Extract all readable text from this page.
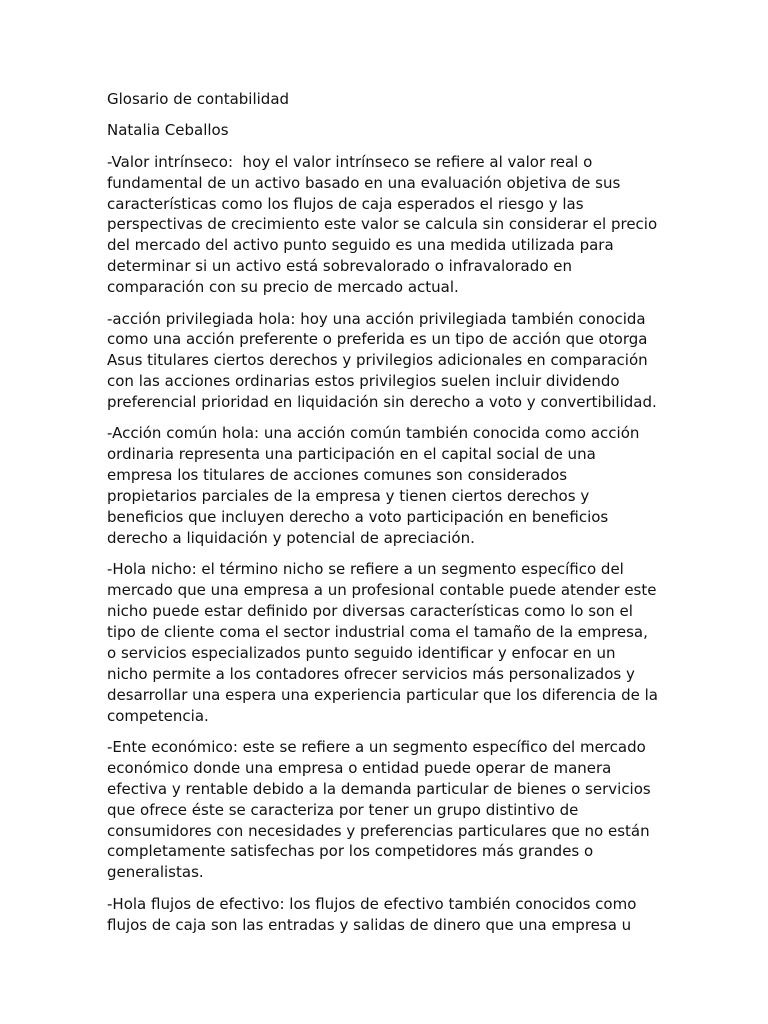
Glosario de contabilidad
Natalia Ceballos
-Valor intrínseco:  hoy el valor intrínseco se refiere al valor real o
fundamental de un activo basado en una evaluación objetiva de sus
características como los flujos de caja esperados el riesgo y las
perspectivas de crecimiento este valor se calcula sin considerar el precio
del mercado del activo punto seguido es una medida utilizada para
determinar si un activo está sobrevalorado o infravalorado en
comparación con su precio de mercado actual.
-acción privilegiada hola: hoy una acción privilegiada también conocida
como una acción preferente o preferida es un tipo de acción que otorga
Asus titulares ciertos derechos y privilegios adicionales en comparación
con las acciones ordinarias estos privilegios suelen incluir dividendo
preferencial prioridad en liquidación sin derecho a voto y convertibilidad.
-Acción común hola: una acción común también conocida como acción
ordinaria representa una participación en el capital social de una
empresa los titulares de acciones comunes son considerados
propietarios parciales de la empresa y tienen ciertos derechos y
beneficios que incluyen derecho a voto participación en beneficios
derecho a liquidación y potencial de apreciación.
-Hola nicho: el término nicho se refiere a un segmento específico del
mercado que una empresa a un profesional contable puede atender este
nicho puede estar definido por diversas características como lo son el
tipo de cliente coma el sector industrial coma el tamaño de la empresa,
o servicios especializados punto seguido identificar y enfocar en un
nicho permite a los contadores ofrecer servicios más personalizados y
desarrollar una espera una experiencia particular que los diferencia de la
competencia.
-Ente económico: este se refiere a un segmento específico del mercado
económico donde una empresa o entidad puede operar de manera
efectiva y rentable debido a la demanda particular de bienes o servicios
que ofrece éste se caracteriza por tener un grupo distintivo de
consumidores con necesidades y preferencias particulares que no están
completamente satisfechas por los competidores más grandes o
generalistas.
-Hola flujos de efectivo: los flujos de efectivo también conocidos como
flujos de caja son las entradas y salidas de dinero que una empresa u
